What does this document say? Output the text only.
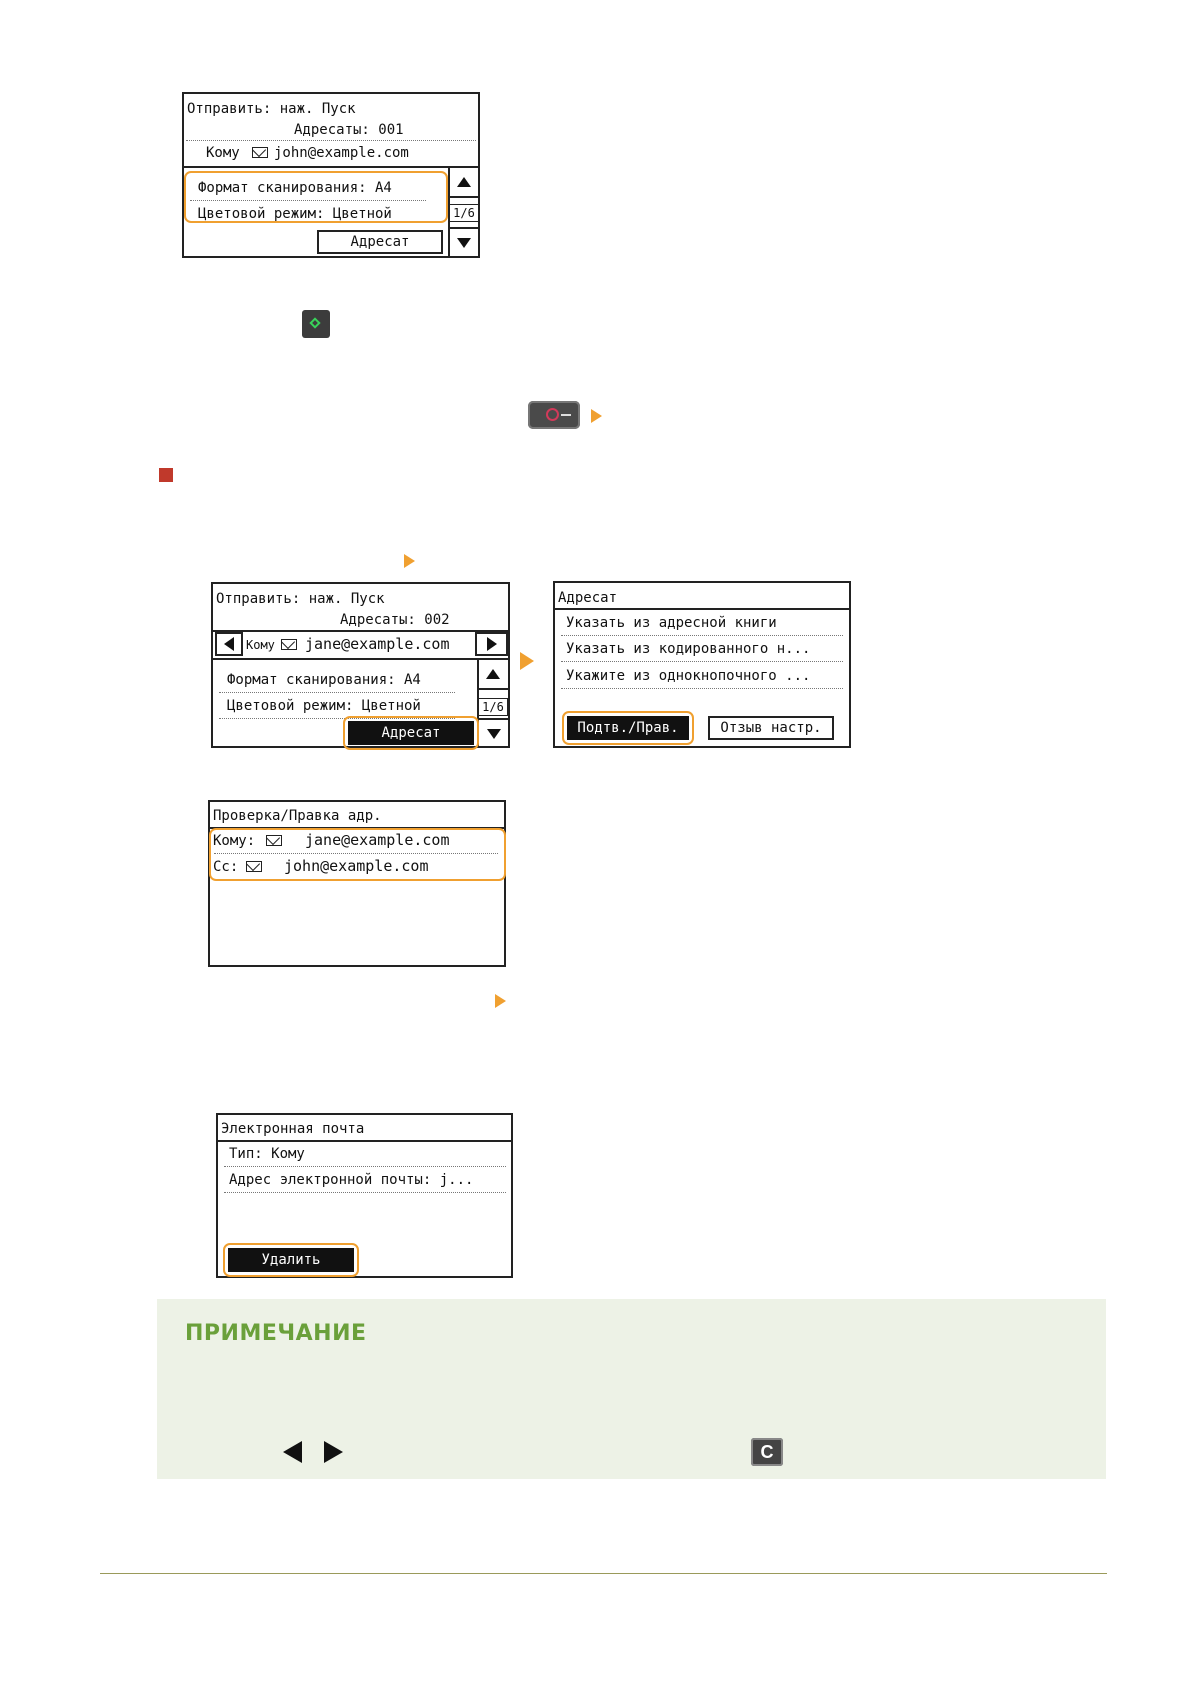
Отправить: наж. Пуск
Адресаты: 001
Кому john@example.com
Формат сканирования: А4
Цветовой режим: Цветной	1/6
Адресат
Отправить: наж. Пуск
Адресаты: 002
Кому jane@example.com
Формат сканирования: А4
Цветовой режим: Цветной	1/6
Адресат
Адресат
Указать из адресной книги
Указать из кодированного н...
Укажите из однокнопочного ...
Подтв./Прав.	Отзыв настр.
Проверка/Правка адр.
Кому:	jane@example.com
Cc:	john@example.com
Электронная почта
Тип: Кому
Адрес электронной почты: j...
Удалить
ПРИМЕЧАНИЕ
C
